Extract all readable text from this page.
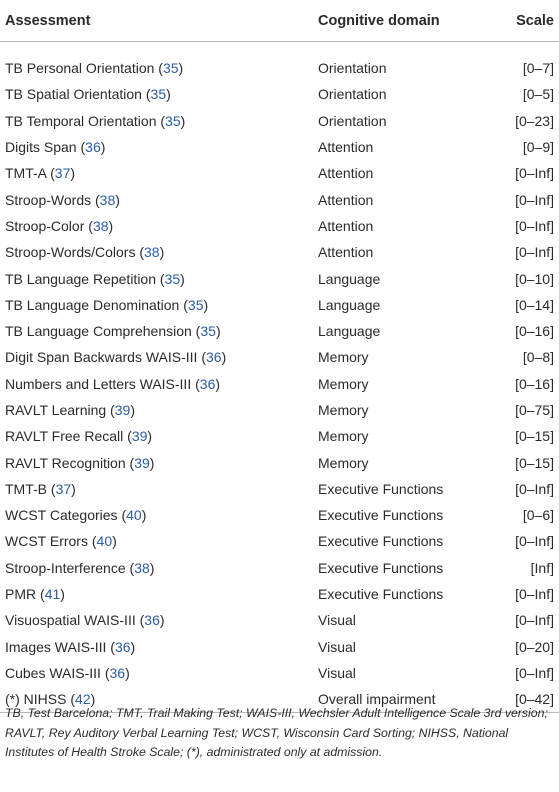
Assessment	Cognitive domain	Scale

TB Personal Orientation (35)	Orientation	[0–7]
TB Spatial Orientation (35)	Orientation	[0–5]
TB Temporal Orientation (35)	Orientation	[0–23]
Digits Span (36)	Attention	[0–9]
TMT-A (37)	Attention	[0–Inf]
Stroop-Words (38)	Attention	[0–Inf]
Stroop-Color (38)	Attention	[0–Inf]
Stroop-Words/Colors (38)	Attention	[0–Inf]
TB Language Repetition (35)	Language	[0–10]
TB Language Denomination (35)	Language	[0–14]
TB Language Comprehension (35)	Language	[0–16]
Digit Span Backwards WAIS-III (36)	Memory	[0–8]
Numbers and Letters WAIS-III (36)	Memory	[0–16]
RAVLT Learning (39)	Memory	[0–75]
RAVLT Free Recall (39)	Memory	[0–15]
RAVLT Recognition (39)	Memory	[0–15]
TMT-B (37)	Executive Functions	[0–Inf]
WCST Categories (40)	Executive Functions	[0–6]
WCST Errors (40)	Executive Functions	[0–Inf]
Stroop-Interference (38)	Executive Functions	[Inf]
PMR (41)	Executive Functions	[0–Inf]
Visuospatial WAIS-III (36)	Visual	[0–Inf]
Images WAIS-III (36)	Visual	[0–20]
Cubes WAIS-III (36)	Visual	[0–Inf]
(*) NIHSS (42)	Overall impairment	[0–42]
TB, Test Barcelona; TMT, Trail Making Test; WAIS-III, Wechsler Adult Intelligence Scale 3rd version; RAVLT, Rey Auditory Verbal Learning Test; WCST, Wisconsin Card Sorting; NIHSS, National Institutes of Health Stroke Scale; (*), administrated only at admission.
